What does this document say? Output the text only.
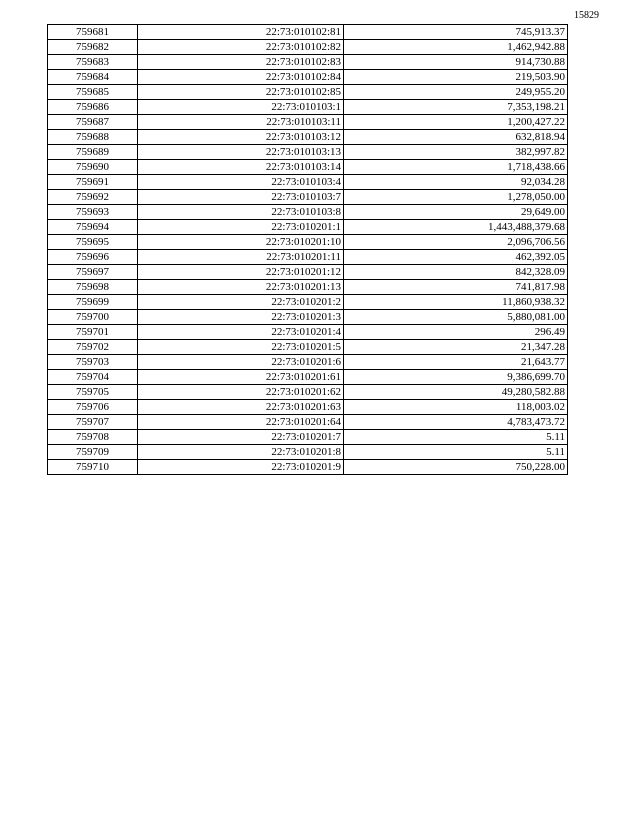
15829
759681	22:73:010102:81	745,913.37
759682	22:73:010102:82	1,462,942.88
759683	22:73:010102:83	914,730.88
759684	22:73:010102:84	219,503.90
759685	22:73:010102:85	249,955.20
759686	22:73:010103:1	7,353,198.21
759687	22:73:010103:11	1,200,427.22
759688	22:73:010103:12	632,818.94
759689	22:73:010103:13	382,997.82
759690	22:73:010103:14	1,718,438.66
759691	22:73:010103:4	92,034.28
759692	22:73:010103:7	1,278,050.00
759693	22:73:010103:8	29,649.00
759694	22:73:010201:1	1,443,488,379.68
759695	22:73:010201:10	2,096,706.56
759696	22:73:010201:11	462,392.05
759697	22:73:010201:12	842,328.09
759698	22:73:010201:13	741,817.98
759699	22:73:010201:2	11,860,938.32
759700	22:73:010201:3	5,880,081.00
759701	22:73:010201:4	296.49
759702	22:73:010201:5	21,347.28
759703	22:73:010201:6	21,643.77
759704	22:73:010201:61	9,386,699.70
759705	22:73:010201:62	49,280,582.88
759706	22:73:010201:63	118,003.02
759707	22:73:010201:64	4,783,473.72
759708	22:73:010201:7	5.11
759709	22:73:010201:8	5.11
759710	22:73:010201:9	750,228.00
